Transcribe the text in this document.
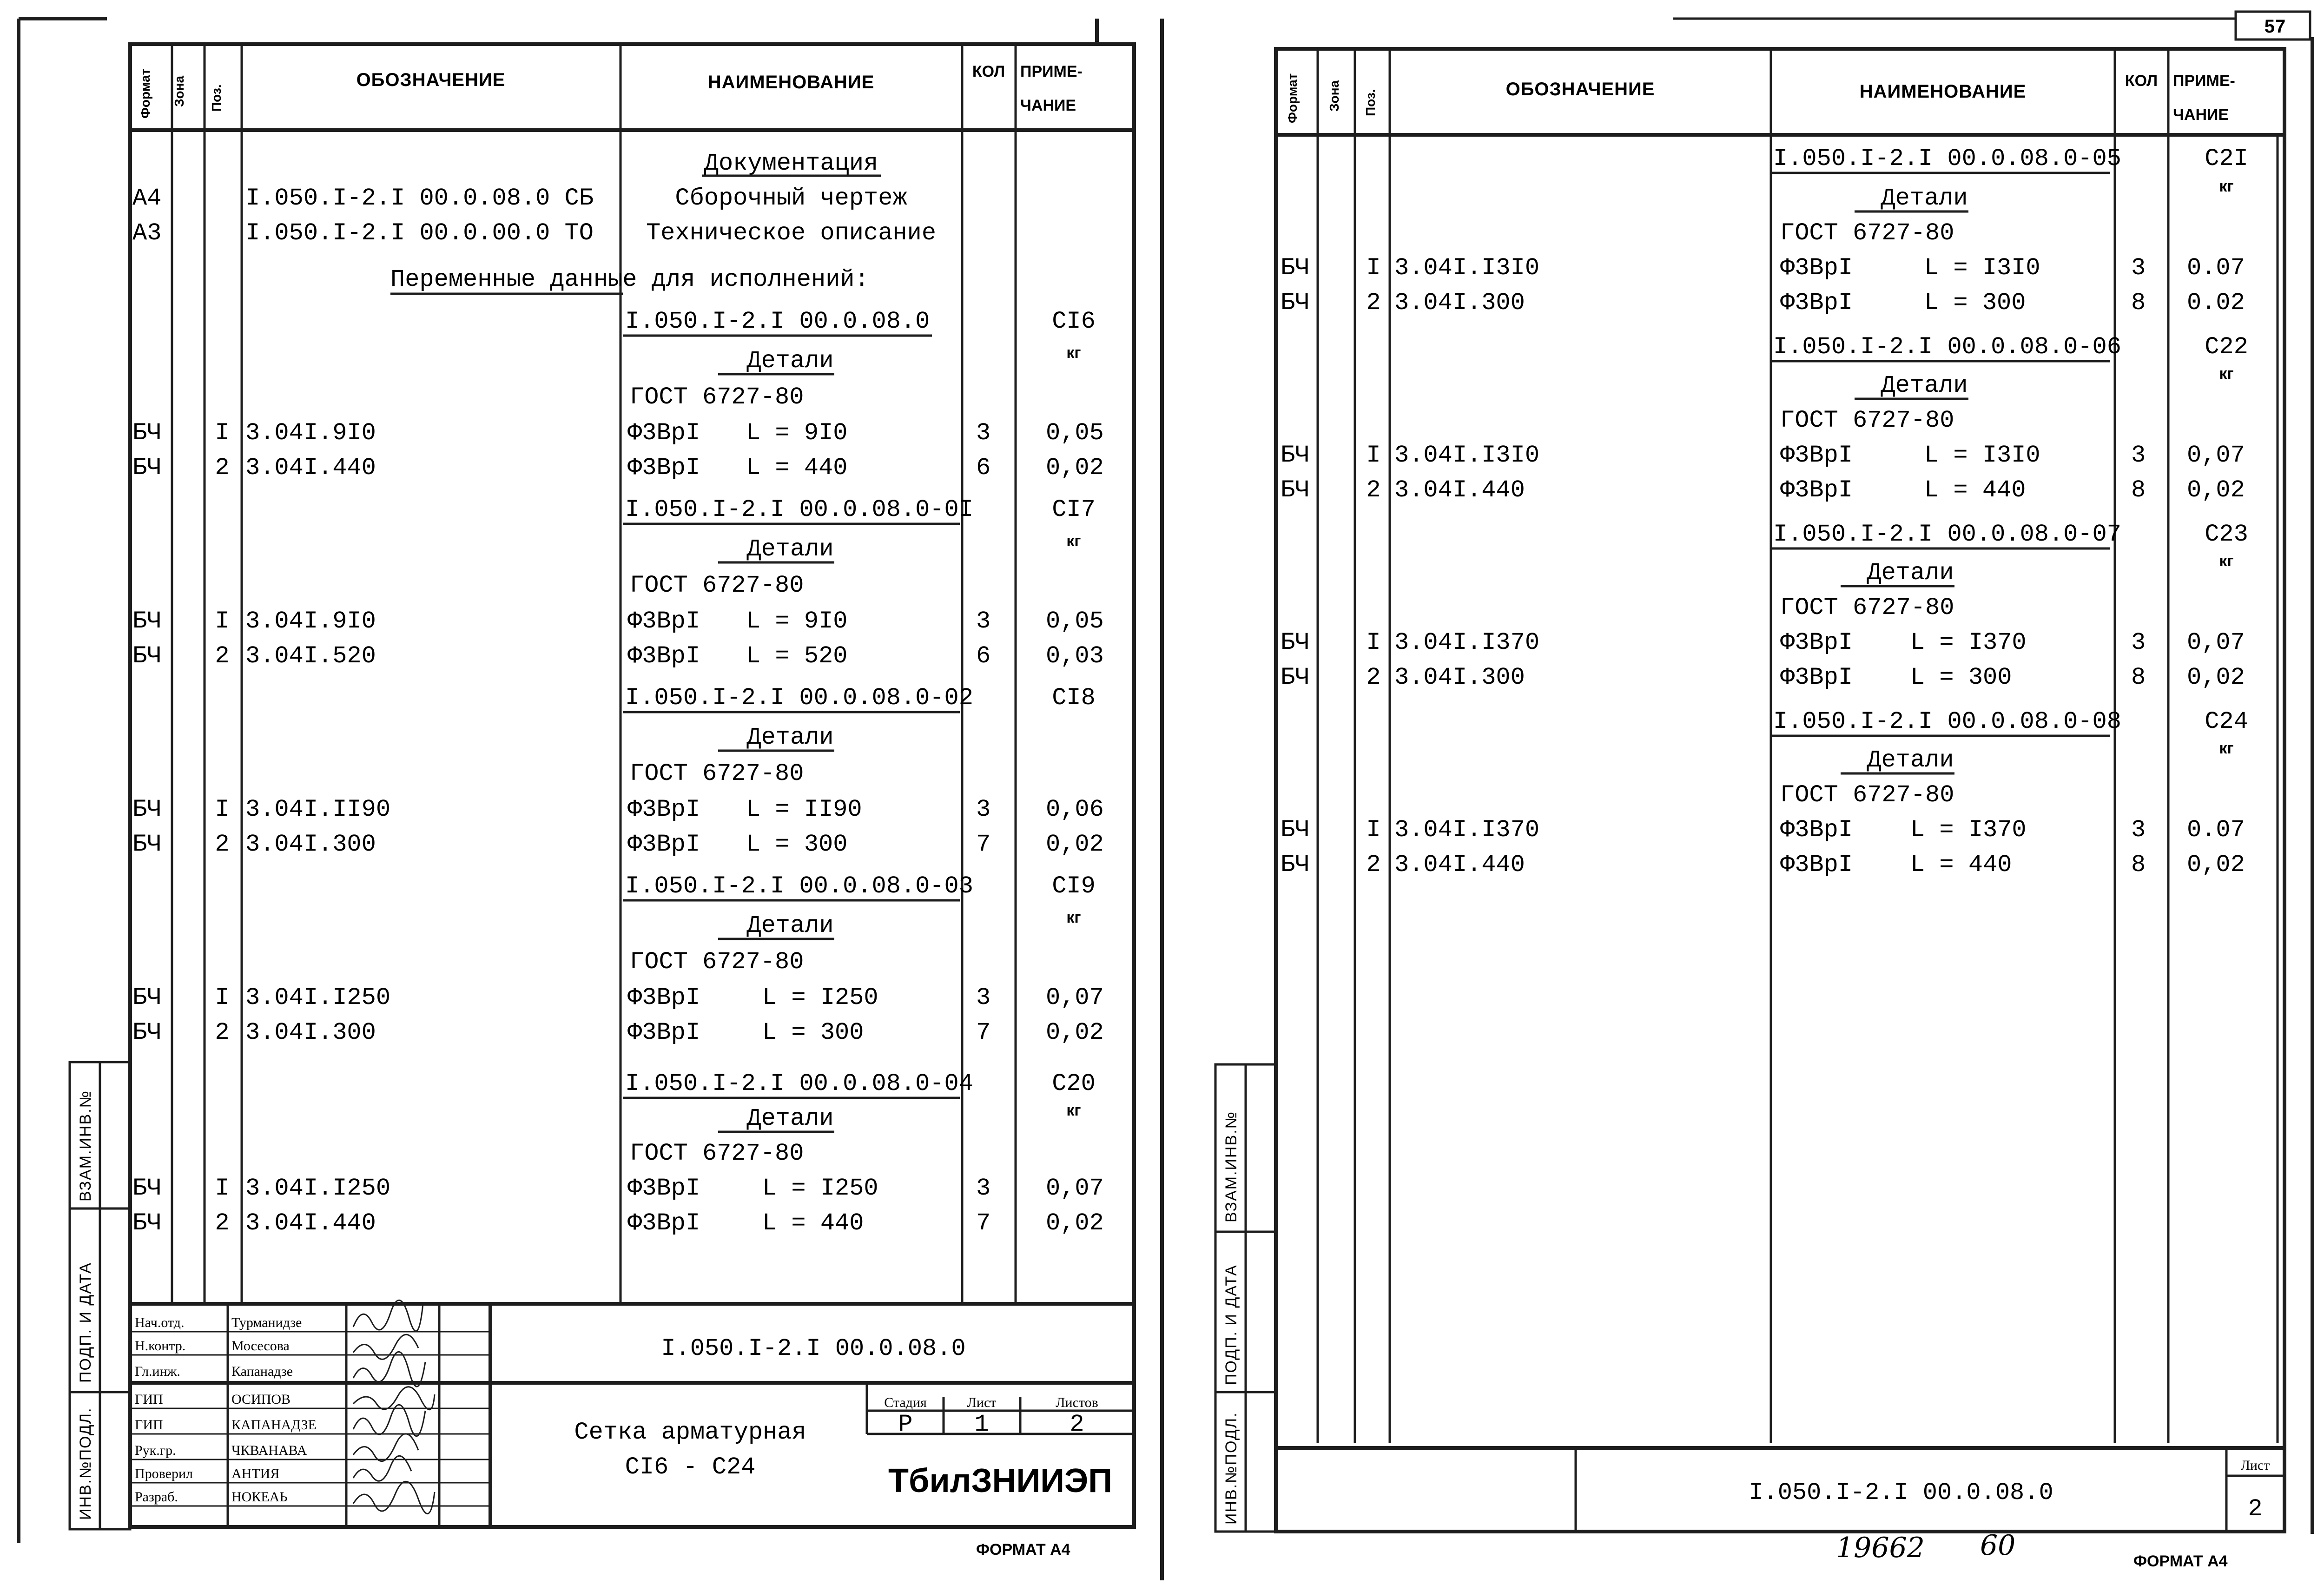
Формат Зона Поз.
ОБОЗНАЧЕНИЕ	НАИМЕНОВАНИЕ
КОЛ ПРИМЕ-
ЧАНИЕ
Документация
А4	I.050.I-2.I 00.0.08.0 СБ	Сборочный чертеж
А3	I.050.I-2.I 00.0.00.0 ТО Техническое описание
Переменные данные для исполнений:
I.050.I-2.I 00.0.08.0	CI6
кг
Детали
ГОСТ 6727-80
БЧ I 3.04I.9I0	Ф3ВрI L = 9I0	3 0,05
БЧ 2 3.04I.440	Ф3ВрI L = 440	6 0,02
I.050.I-2.I 00.0.08.0-0I	CI7
кг
Детали
ГОСТ 6727-80
БЧ I 3.04I.9I0	Ф3ВрI L = 9I0	3 0,05
БЧ 2 3.04I.520	Ф3ВрI L = 520	6 0,03
I.050.I-2.I 00.0.08.0-02	CI8
Детали
ГОСТ 6727-80
БЧ I 3.04I.II90	Ф3ВрI L = II90	3 0,06
БЧ 2 3.04I.300	Ф3ВрI L = 300	7 0,02
I.050.I-2.I 00.0.08.0-03	CI9
кг
Детали
ГОСТ 6727-80
БЧ I 3.04I.I250	Ф3ВрI	L = I250	3 0,07
БЧ 2 3.04I.300	Ф3ВрI	L = 300	7 0,02
I.050.I-2.I 00.0.08.0-04	C20
кг
Детали
ГОСТ 6727-80
БЧ I 3.04I.I250	Ф3ВрI	L = I250	3 0,07
БЧ 2 3.04I.440	Ф3ВрI	L = 440	7 0,02
ИНВ.№ПОДЛ.
ПОДП. И ДАТА
ВЗАМ.ИНВ.№
Нач.отд.
Н.контр.
Гл.инж.
ГИП
ГИП
Рук.гр.
Проверил
Разраб.
Турманидзе
Мосесова
Капанадзе
ОСИПОВ
КАПАНАДЗЕ
ЧКВАНАВА
АНТИЯ
НОКЕАЬ
I.050.I-2.I 00.0.08.0
Сетка арматурная
CI6 - C24
Стадия	Лист	Листов
Р	1	2
ТбилЗНИИЭП
ФОРМАТ А4
57
Формат Зона Поз.	ОБОЗНАЧЕНИЕ	НАИМЕНОВАНИЕ
КОЛ ПРИМЕ-
ЧАНИЕ
I.050.I-2.I 00.0.08.0-05	C2I
кг
Детали
ГОСТ 6727-80
БЧ I 3.04I.I3I0	Ф3ВрI	L = I3I0	3 0.07
БЧ 2 3.04I.300	Ф3ВрI	L = 300	8 0.02
I.050.I-2.I 00.0.08.0-06	C22
кг
Детали
ГОСТ 6727-80
БЧ I 3.04I.I3I0	Ф3ВрI	L = I3I0	3 0,07
БЧ 2 3.04I.440	Ф3ВрI	L = 440	8 0,02
I.050.I-2.I 00.0.08.0-07	C23
кг
Детали
ГОСТ 6727-80
БЧ I 3.04I.I370	Ф3ВрI L = I370	3 0,07
БЧ 2 3.04I.300	Ф3ВрI L = 300	8 0,02
I.050.I-2.I 00.0.08.0-08	C24
кг
Детали
ГОСТ 6727-80
БЧ I 3.04I.I370	Ф3ВрI L = I370	3 0.07
БЧ 2 3.04I.440	Ф3ВрI L = 440	8 0,02
ИНВ.№ПОДЛ.
ПОДП. И ДАТА
ВЗАМ.ИНВ.№
I.050.I-2.I 00.0.08.0
Лист
2
19662 60	ФОРМАТ А4
